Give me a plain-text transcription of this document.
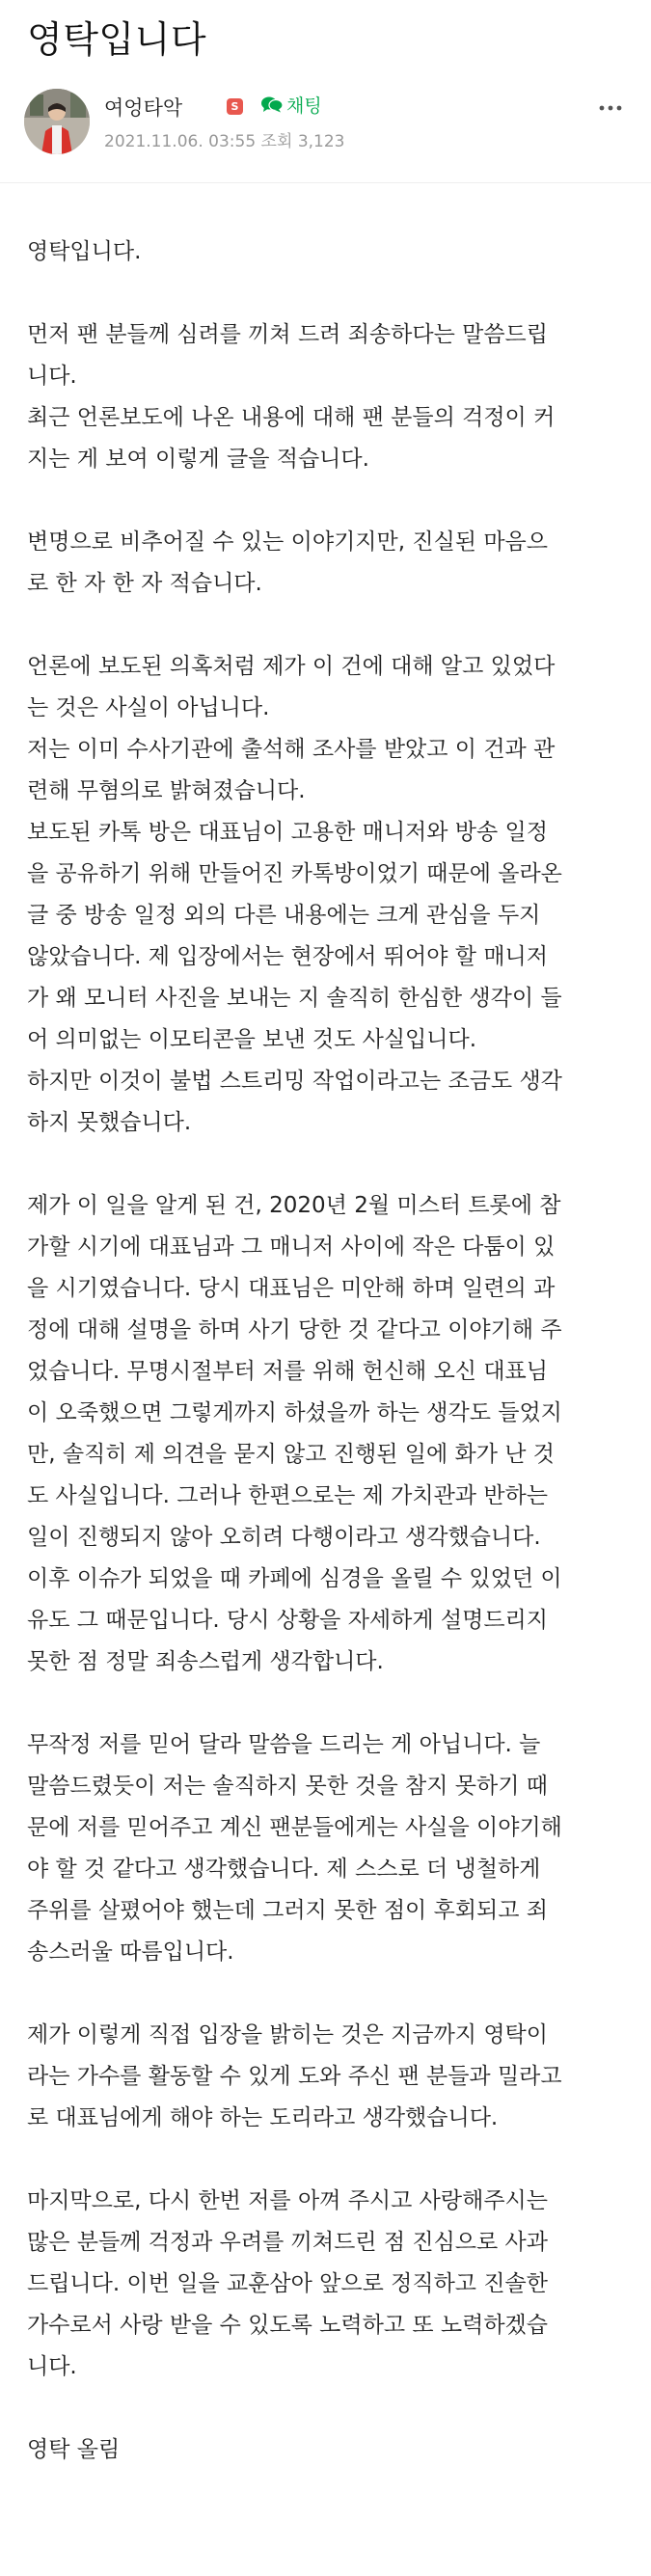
영탁입니다
여엉타악	S	채팅
2021.11.06. 03:55 조회 3,123
영탁입니다.
먼저 팬 분들께 심려를 끼쳐 드려 죄송하다는 말씀드립
니다.
최근 언론보도에 나온 내용에 대해 팬 분들의 걱정이 커
지는 게 보여 이렇게 글을 적습니다.
변명으로 비추어질 수 있는 이야기지만, 진실된 마음으
로 한 자 한 자 적습니다.
언론에 보도된 의혹처럼 제가 이 건에 대해 알고 있었다
는 것은 사실이 아닙니다.
저는 이미 수사기관에 출석해 조사를 받았고 이 건과 관
련해 무혐의로 밝혀졌습니다.
보도된 카톡 방은 대표님이 고용한 매니저와 방송 일정
을 공유하기 위해 만들어진 카톡방이었기 때문에 올라온
글 중 방송 일정 외의 다른 내용에는 크게 관심을 두지
않았습니다. 제 입장에서는 현장에서 뛰어야 할 매니저
가 왜 모니터 사진을 보내는 지 솔직히 한심한 생각이 들
어 의미없는 이모티콘을 보낸 것도 사실입니다.
하지만 이것이 불법 스트리밍 작업이라고는 조금도 생각
하지 못했습니다.
제가 이 일을 알게 된 건, 2020년 2월 미스터 트롯에 참
가할 시기에 대표님과 그 매니저 사이에 작은 다툼이 있
을 시기였습니다. 당시 대표님은 미안해 하며 일련의 과
정에 대해 설명을 하며 사기 당한 것 같다고 이야기해 주
었습니다. 무명시절부터 저를 위해 헌신해 오신 대표님
이 오죽했으면 그렇게까지 하셨을까 하는 생각도 들었지
만, 솔직히 제 의견을 묻지 않고 진행된 일에 화가 난 것
도 사실입니다. 그러나 한편으로는 제 가치관과 반하는
일이 진행되지 않아 오히려 다행이라고 생각했습니다.
이후 이슈가 되었을 때 카페에 심경을 올릴 수 있었던 이
유도 그 때문입니다. 당시 상황을 자세하게 설명드리지
못한 점 정말 죄송스럽게 생각합니다.
무작정 저를 믿어 달라 말씀을 드리는 게 아닙니다. 늘
말씀드렸듯이 저는 솔직하지 못한 것을 참지 못하기 때
문에 저를 믿어주고 계신 팬분들에게는 사실을 이야기해
야 할 것 같다고 생각했습니다. 제 스스로 더 냉철하게
주위를 살폈어야 했는데 그러지 못한 점이 후회되고 죄
송스러울 따름입니다.
제가 이렇게 직접 입장을 밝히는 것은 지금까지 영탁이
라는 가수를 활동할 수 있게 도와 주신 팬 분들과 밀라고
로 대표님에게 해야 하는 도리라고 생각했습니다.
마지막으로, 다시 한번 저를 아껴 주시고 사랑해주시는
많은 분들께 걱정과 우려를 끼쳐드린 점 진심으로 사과
드립니다. 이번 일을 교훈삼아 앞으로 정직하고 진솔한
가수로서 사랑 받을 수 있도록 노력하고 또 노력하겠습
니다.
영탁 올림
